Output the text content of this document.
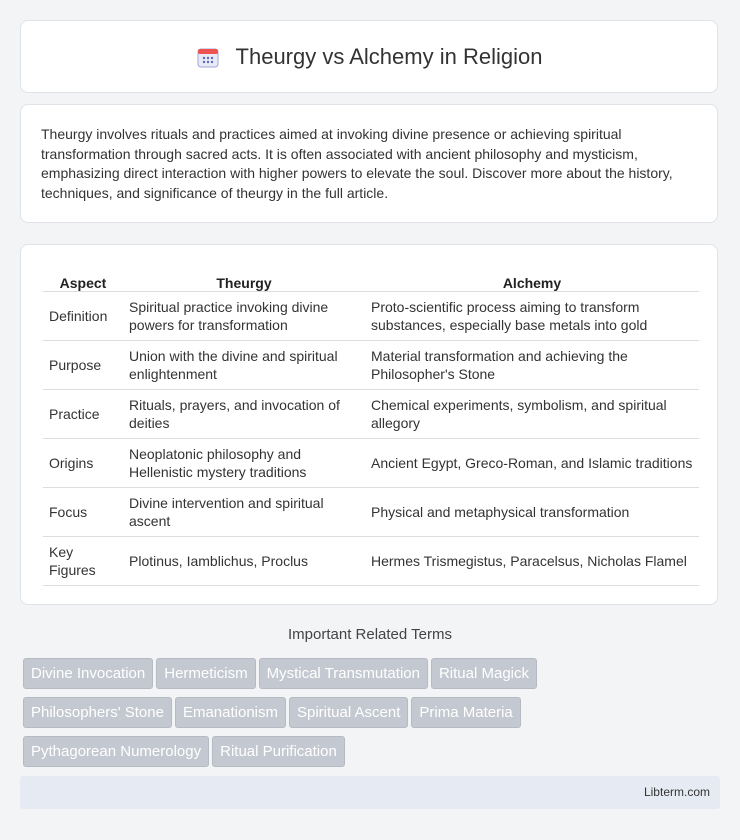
Theurgy vs Alchemy in Religion

Theurgy involves rituals and practices aimed at invoking divine presence or achieving spiritual transformation through sacred acts. It is often associated with ancient philosophy and mysticism, emphasizing direct interaction with higher powers to elevate the soul. Discover more about the history, techniques, and significance of theurgy in the full article.

Aspect	Theurgy	Alchemy
Definition	Spiritual practice invoking divine powers for transformation	Proto-scientific process aiming to transform substances, especially base metals into gold
Purpose	Union with the divine and spiritual enlightenment	Material transformation and achieving the Philosopher's Stone
Practice	Rituals, prayers, and invocation of deities	Chemical experiments, symbolism, and spiritual allegory
Origins	Neoplatonic philosophy and Hellenistic mystery traditions	Ancient Egypt, Greco-Roman, and Islamic traditions
Focus	Divine intervention and spiritual ascent	Physical and metaphysical transformation
Key Figures	Plotinus, Iamblichus, Proclus	Hermes Trismegistus, Paracelsus, Nicholas Flamel
Important Related Terms
Divine Invocation Hermeticism Mystical Transmutation Ritual Magick
Philosophers' Stone Emanationism Spiritual Ascent Prima Materia
Pythagorean Numerology Ritual Purification
Libterm.com
